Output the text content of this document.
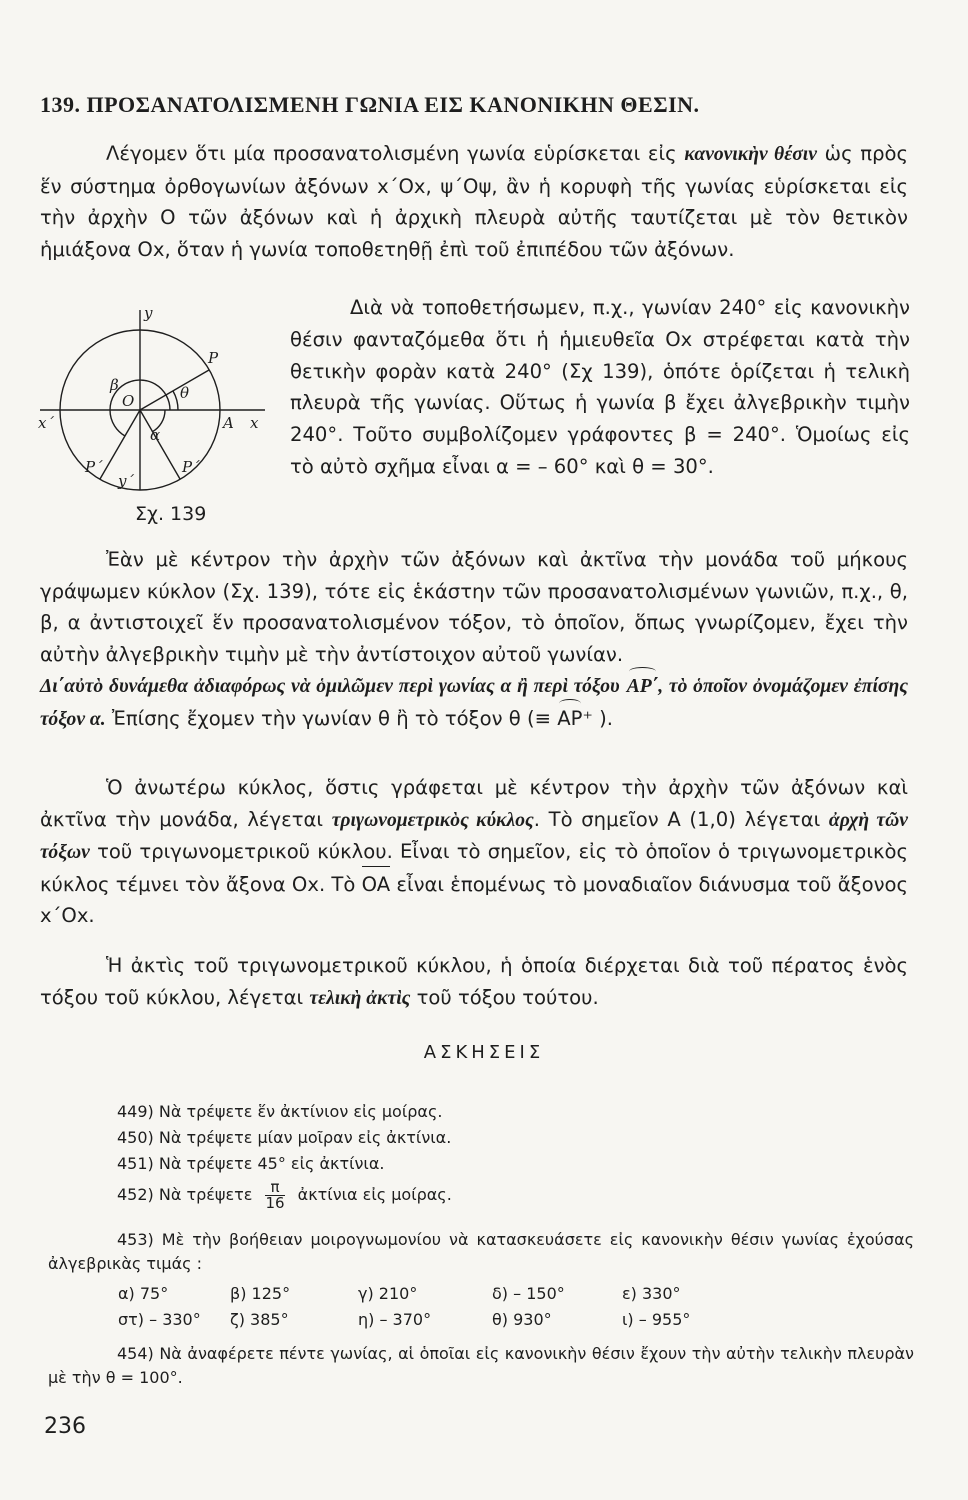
139. ΠΡΟΣΑΝΑΤΟΛΙΣΜΕΝΗ ΓΩΝΙΑ ΕΙΣ ΚΑΝΟΝΙΚΗΝ ΘΕΣΙΝ.

Λέγομεν ὅτι μία προσανατολισμένη γωνία εὑρίσκεται εἰς κανονικὴν θέσιν ὡς πρὸς ἕν σύστημα ὀρθογωνίων ἀξόνων x΄Ox, ψ΄Oψ, ἂν ἡ κορυφὴ τῆς γωνίας εὑρίσκεται εἰς τὴν ἀρχὴν O τῶν ἀξόνων καὶ ἡ ἀρχικὴ πλευρὰ αὐτῆς ταυτίζεται μὲ τὸν θετικὸν ἡμιάξονα Ox, ὅταν ἡ γωνία τοποθετηθῇ ἐπὶ τοῦ ἐπιπέδου τῶν ἀξόνων.

y
y΄
x
x΄
P
P΄	P΄
θ
β
α
O
A
Σχ. 139

Διὰ νὰ τοποθετήσωμεν, π.χ., γωνίαν 240° εἰς κανονικὴν θέσιν φανταζόμεθα ὅτι ἡ ἡμιευθεῖα Ox στρέφεται κατὰ τὴν θετικὴν φορὰν κατὰ 240° (Σχ 139), ὁπότε ὁρίζεται ἡ τελικὴ πλευρὰ τῆς γωνίας. Οὕτως ἡ γωνία β ἔχει ἀλγεβρικὴν τιμὴν 240°. Τοῦτο συμβολίζομεν γράφοντες β = 240°. Ὁμοίως εἰς τὸ αὐτὸ σχῆμα εἶναι α = – 60° καὶ θ = 30°.

Ἐὰν μὲ κέντρον τὴν ἀρχὴν τῶν ἀξόνων καὶ ἀκτῖνα τὴν μονάδα τοῦ μήκους γράψωμεν κύκλον (Σχ. 139), τότε εἰς ἑκάστην τῶν προσανατολισμένων γωνιῶν, π.χ., θ, β, α ἀντιστοιχεῖ ἕν προσανατολισμένον τόξον, τὸ ὁποῖον, ὅπως γνωρίζομεν, ἔχει τὴν αὐτὴν ἀλγεβρικὴν τιμὴν μὲ τὴν ἀντίστοιχον αὐτοῦ γωνίαν.

Δι΄αὐτὸ δυνάμεθα ἀδιαφόρως νὰ ὁμιλῶμεν περὶ γωνίας α ἢ περὶ τόξου AP΄, τὸ ὁποῖον ὀνομάζομεν ἐπίσης τόξον α. Ἐπίσης ἔχομεν τὴν γωνίαν θ ἢ τὸ τόξον θ (≡ AP⁺ ).

Ὁ ἀνωτέρω κύκλος, ὅστις γράφεται μὲ κέντρον τὴν ἀρχὴν τῶν ἀξόνων καὶ ἀκτῖνα τὴν μονάδα, λέγεται τριγωνομετρικὸς κύκλος. Τὸ σημεῖον A (1,0) λέγεται ἀρχὴ τῶν τόξων τοῦ τριγωνομετρικοῦ κύκλου. Εἶναι τὸ σημεῖον, εἰς τὸ ὁποῖον ὁ τριγωνομετρικὸς κύκλος τέμνει τὸν ἄξονα Ox. Τὸ OA εἶναι ἑπομένως τὸ μοναδιαῖον διάνυσμα τοῦ ἄξονος x΄Ox.

Ἡ ἀκτὶς τοῦ τριγωνομετρικοῦ κύκλου, ἡ ὁποία διέρχεται διὰ τοῦ πέρατος ἑνὸς τόξου τοῦ κύκλου, λέγεται τελικὴ ἀκτὶς τοῦ τόξου τούτου.

ΑΣΚΗΣΕΙΣ

449) Νὰ τρέψετε ἕν ἀκτίνιον εἰς μοίρας.

450) Νὰ τρέψετε μίαν μοῖραν εἰς ἀκτίνια.

451) Νὰ τρέψετε 45° εἰς ἀκτίνια.

452) Νὰ τρέψετε $\frac{\pi}{16}$ ἀκτίνια εἰς μοίρας.

453) Μὲ τὴν βοήθειαν μοιρογνωμονίου νὰ κατασκευάσετε εἰς κανονικὴν θέσιν γωνίας ἐχούσας ἀλγεβρικὰς τιμάς :

α) 75°	β) 125°	γ) 210°	δ) – 150°	ε) 330°
στ) – 330° ζ) 385°	η) – 370°	θ) 930°	ι) – 955°

454) Νὰ ἀναφέρετε πέντε γωνίας, αἱ ὁποῖαι εἰς κανονικὴν θέσιν ἔχουν τὴν αὐτὴν τελικὴν πλευρὰν μὲ τὴν θ = 100°.

236
